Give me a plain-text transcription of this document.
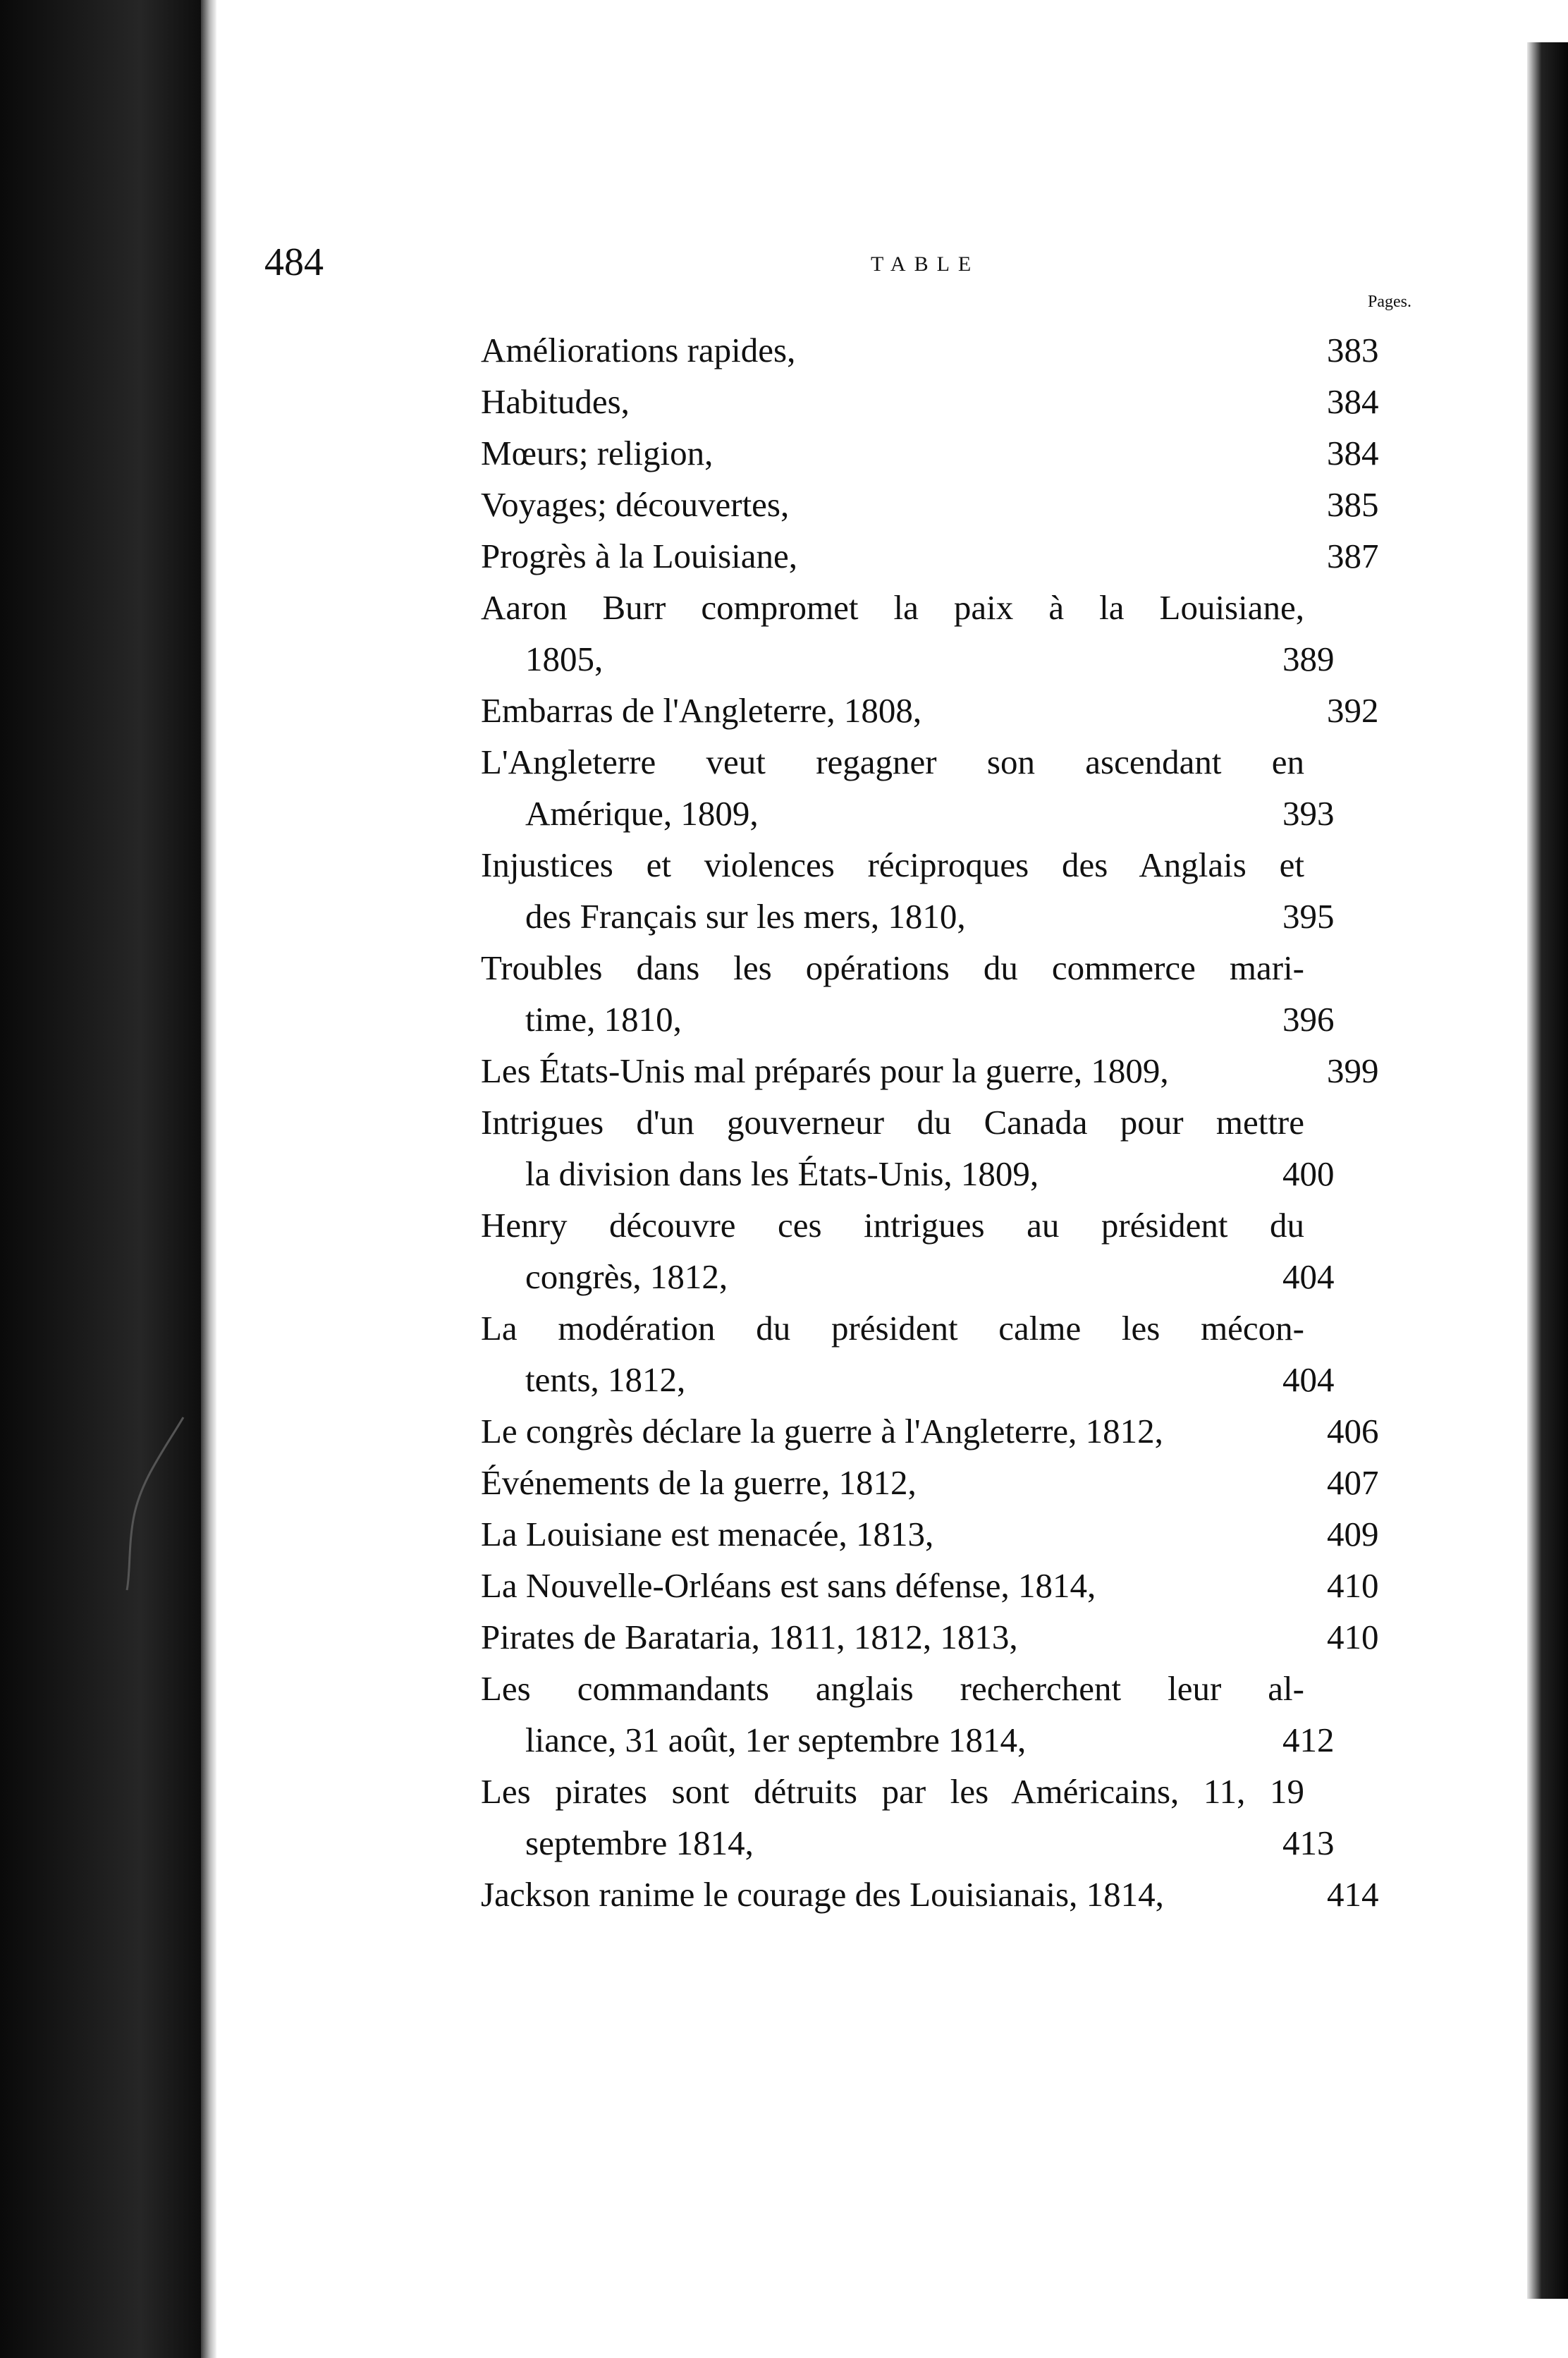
484	TABLE
Pages.
Améliorations rapides,	383
Habitudes,	384
Mœurs; religion,	384
Voyages; découvertes,	385
Progrès à la Louisiane,	387
Aaron Burr compromet la paix à la Louisiane,
1805,	389
Embarras de l'Angleterre, 1808,	392
L'Angleterre veut regagner son ascendant en
Amérique, 1809,	393
Injustices et violences réciproques des Anglais et
des Français sur les mers, 1810,	395
Troubles dans les opérations du commerce mari-
time, 1810,	396
Les États-Unis mal préparés pour la guerre, 1809,	399
Intrigues d'un gouverneur du Canada pour mettre
la division dans les États-Unis, 1809,	400
Henry découvre ces intrigues au président du
congrès, 1812,	404
La modération du président calme les mécon-
tents, 1812,	404
Le congrès déclare la guerre à l'Angleterre, 1812,	406
Événements de la guerre, 1812,	407
La Louisiane est menacée, 1813,	409
La Nouvelle-Orléans est sans défense, 1814,	410
Pirates de Barataria, 1811, 1812, 1813,	410
Les commandants anglais recherchent leur al-
liance, 31 août, 1er septembre 1814,	412
Les pirates sont détruits par les Américains, 11, 19
septembre 1814,	413
Jackson ranime le courage des Louisianais, 1814,	414
